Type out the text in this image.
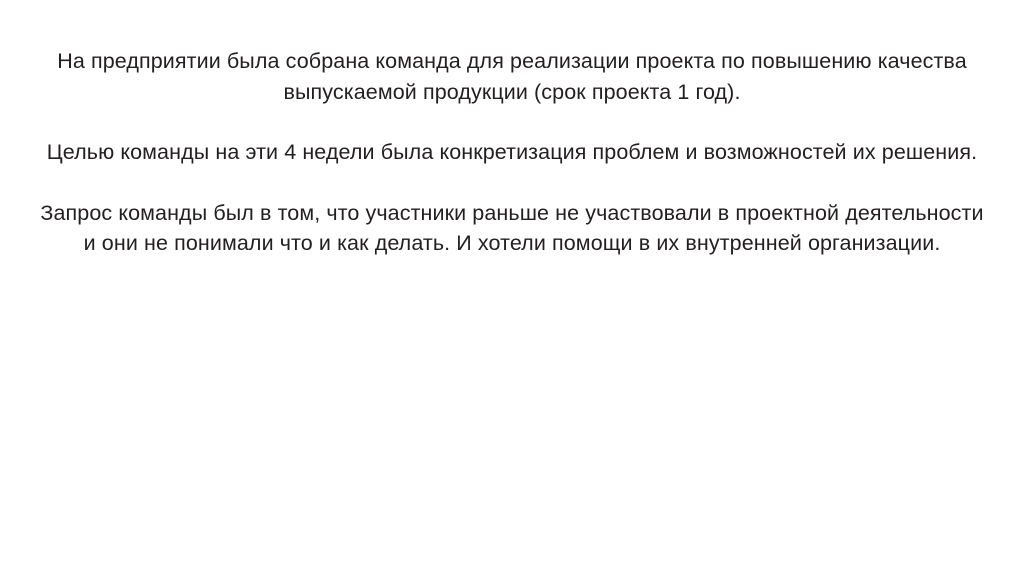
На предприятии была собрана команда для реализации проекта по повышению качества выпускаемой продукции (срок проекта 1 год).

Целью команды на эти 4 недели была конкретизация проблем и возможностей их решения.

Запрос команды был в том, что участники раньше не участвовали в проектной деятельности и они не понимали что и как делать. И хотели помощи в их внутренней организации.
